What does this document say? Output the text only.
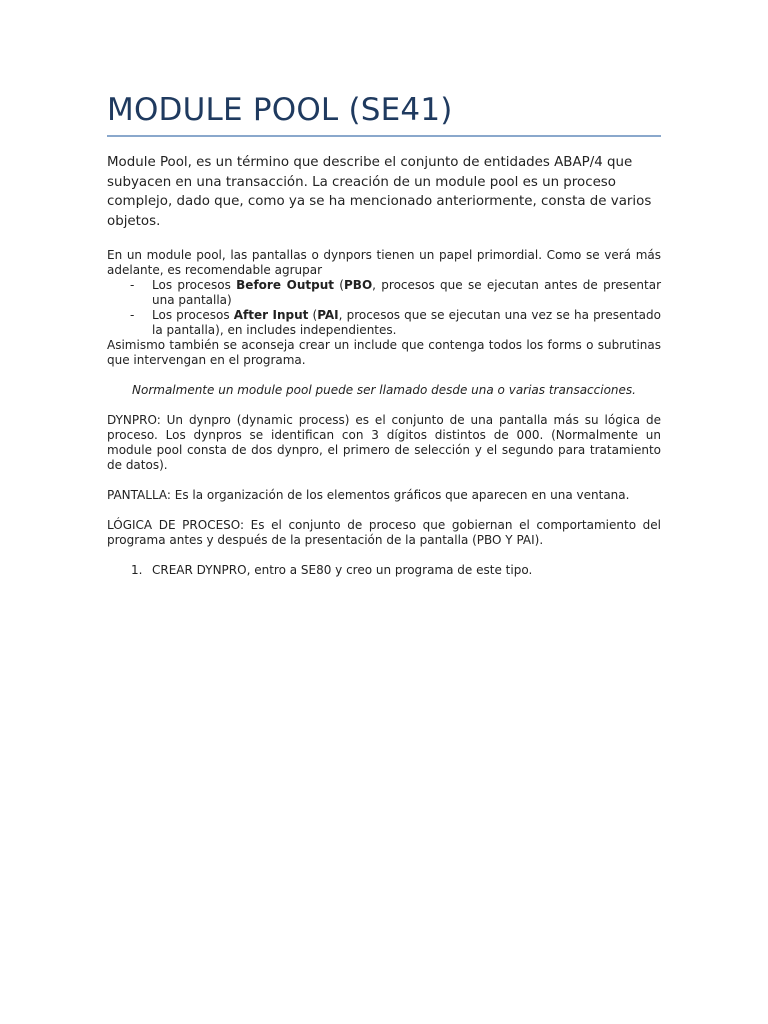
MODULE POOL (SE41)

Module Pool, es un término que describe el conjunto de entidades ABAP/4 que subyacen en una transacción. La creación de un module pool es un proceso complejo, dado que, como ya se ha mencionado anteriormente, consta de varios objetos.

En un module pool, las pantallas o dynpors tienen un papel primordial. Como se verá más adelante, es recomendable agrupar

- Los procesos Before Output (PBO, procesos que se ejecutan antes de presentar una pantalla)
- Los procesos After Input (PAI, procesos que se ejecutan una vez se ha presentado la pantalla), en includes independientes.

Asimismo también se aconseja crear un include que contenga todos los forms o subrutinas que intervengan en el programa.

Normalmente un module pool puede ser llamado desde una o varias transacciones.

DYNPRO: Un dynpro (dynamic process) es el conjunto de una pantalla más su lógica de proceso. Los dynpros se identifican con 3 dígitos distintos de 000. (Normalmente un module pool consta de dos dynpro, el primero de selección y el segundo para tratamiento de datos).

PANTALLA: Es la organización de los elementos gráficos que aparecen en una ventana.

LÓGICA DE PROCESO: Es el conjunto de proceso que gobiernan el comportamiento del programa antes y después de la presentación de la pantalla (PBO Y PAI).

1. CREAR DYNPRO, entro a SE80 y creo un programa de este tipo.
